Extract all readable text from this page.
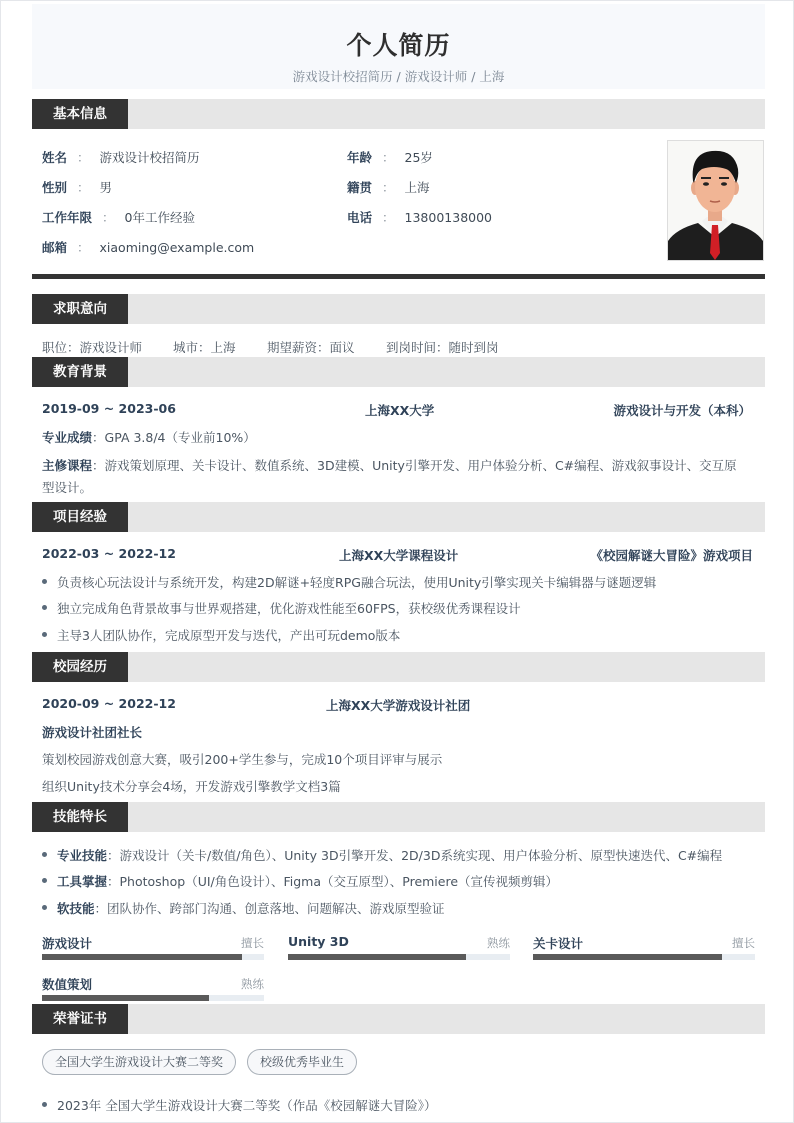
个人简历
游戏设计校招简历 / 游戏设计师 / 上海
基本信息
姓名 ： 游戏设计校招简历
性别 ： 男
工作年限 ： 0年工作经验
邮箱 ： xiaoming@example.com
年龄 ： 25岁
籍贯 ： 上海
电话 ： 13800138000
求职意向
职位：游戏设计师 城市：上海	期望薪资：面议	到岗时间：随时到岗
教育背景
2019-09 ~ 2023-06	上海XX大学	游戏设计与开发（本科）
专业成绩：GPA 3.8/4（专业前10%）
主修课程：游戏策划原理、关卡设计、数值系统、3D建模、Unity引擎开发、用户体验分析、C#编程、游戏叙事设计、交互原
型设计。
项目经验
2022-03 ~ 2022-12	上海XX大学课程设计	《校园解谜大冒险》游戏项目
负责核心玩法设计与系统开发，构建2D解谜+轻度RPG融合玩法，使用Unity引擎实现关卡编辑器与谜题逻辑
独立完成角色背景故事与世界观搭建，优化游戏性能至60FPS，获校级优秀课程设计
主导3人团队协作，完成原型开发与迭代，产出可玩demo版本
校园经历
2020-09 ~ 2022-12	上海XX大学游戏设计社团
游戏设计社团社长
策划校园游戏创意大赛，吸引200+学生参与，完成10个项目评审与展示
组织Unity技术分享会4场，开发游戏引擎教学文档3篇
技能特长
专业技能：游戏设计（关卡/数值/角色）、Unity 3D引擎开发、2D/3D系统实现、用户体验分析、原型快速迭代、C#编程
工具掌握：Photoshop（UI/角色设计）、Figma（交互原型）、Premiere（宣传视频剪辑）
软技能：团队协作、跨部门沟通、创意落地、问题解决、游戏原型验证
游戏设计	擅长 Unity 3D	熟练 关卡设计	擅长
数值策划	熟练
荣誉证书
全国大学生游戏设计大赛二等奖	校级优秀毕业生
2023年 全国大学生游戏设计大赛二等奖（作品《校园解谜大冒险》）
